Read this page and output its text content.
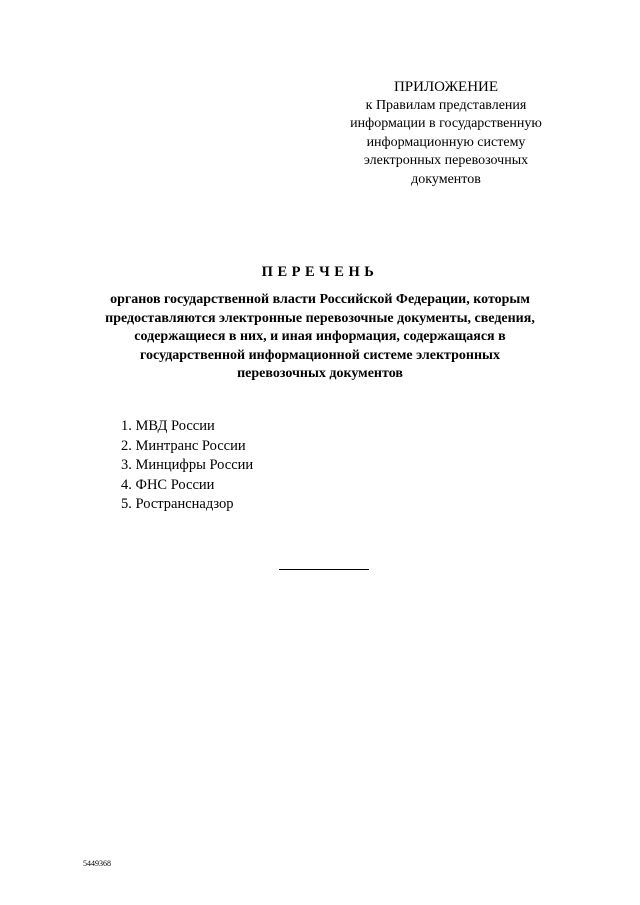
ПРИЛОЖЕНИЕ
к Правилам представления
информации в государственную
информационную систему
электронных перевозочных
документов
ПЕРЕЧЕНЬ
органов государственной власти Российской Федерации, которым
предоставляются электронные перевозочные документы, сведения,
содержащиеся в них, и иная информация, содержащаяся в
государственной информационной системе электронных
перевозочных документов
1. МВД России
2. Минтранс России
3. Минцифры России
4. ФНС России
5. Ространснадзор
5449368
